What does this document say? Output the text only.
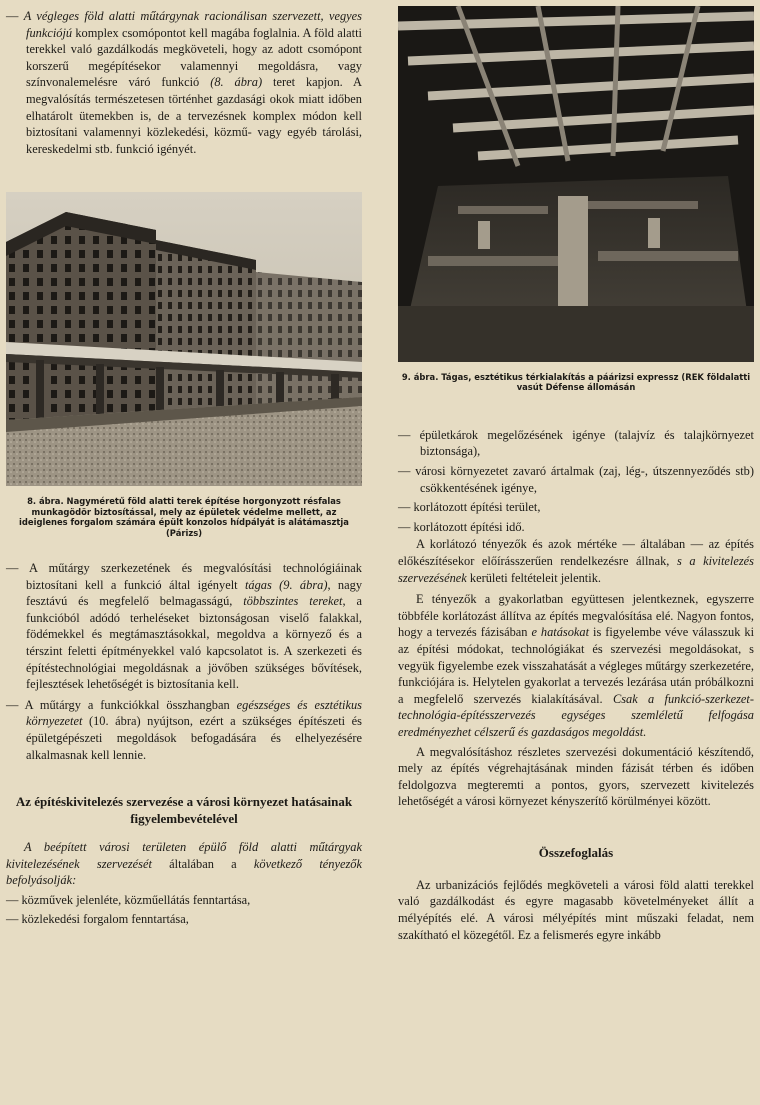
— A végleges föld alatti műtárgynak racionálisan szervezett, vegyes funkciójú komplex csomópontot kell magába foglalnia. A föld alatti terekkel való gazdálkodás megköveteli, hogy az adott csomópont korszerű megépítésekor valamennyi megoldásra, vagy színvonalemelésre váró funkció (8. ábra) teret kapjon. A megvalósítás természetesen történhet gazdasági okok miatt időben elhatárolt ütemekben is, de a tervezésnek komplex módon kell biztosítani valamennyi közlekedési, közmű- vagy egyéb tárolási, kereskedelmi stb. funkció igényét.

8. ábra. Nagyméretű föld alatti terek építése horgonyzott résfalas munkagödör biztosítással, mely az épületek védelme mellett, az ideiglenes forgalom számára épült konzolos hídpályát is alátámasztja (Párizs)

— A műtárgy szerkezetének és megvalósítási technológiáinak biztosítani kell a funkció által igényelt tágas (9. ábra), nagy fesztávú és megfelelő belmagasságú, többszintes tereket, a funkcióból adódó terheléseket biztonságosan viselő falakkal, födémekkel és megtámasztásokkal, megoldva a környező és a térszint feletti építményekkel való kapcsolatot is. A szerkezeti és építéstechnológiai megoldásnak a jövőben szükséges bővítések, fejlesztések lehetőségét is biztosítania kell.

— A műtárgy a funkciókkal összhangban egészséges és esztétikus környezetet (10. ábra) nyújtson, ezért a szükséges építészeti és épületgépészeti megoldások befogadására és elhelyezésére alkalmasnak kell lennie.

Az építéskivitelezés szervezése a városi környezet hatásainak figyelembevételével

A beépített városi területen épülő föld alatti műtárgyak kivitelezésének szervezését általában a következő tényezők befolyásolják:

— közművek jelenléte, közműellátás fenntartása,

— közlekedési forgalom fenntartása,

9. ábra. Tágas, esztétikus térkialakítás a páárizsi expressz (REK földalatti vasút Défense állomásán

— épületkárok megelőzésének igénye (talajvíz és talajkörnyezet biztonsága),

— városi környezetet zavaró ártalmak (zaj, lég-, útszennyeződés stb) csökkentésének igénye,

— korlátozott építési terület,

— korlátozott építési idő.

A korlátozó tényezők és azok mértéke — általában — az építés előkészítésekor előírásszerűen rendelkezésre állnak, s a kivitelezés szervezésének kerületi feltételeit jelentik.

E tényezők a gyakorlatban együttesen jelentkeznek, egyszerre többféle korlátozást állítva az építés megvalósítása elé. Nagyon fontos, hogy a tervezés fázisában e hatásokat is figyelembe véve válasszuk ki az építési módokat, technológiákat és szervezési megoldásokat, s vegyük figyelembe ezek visszahatását a végleges műtárgy szerkezetére, funkciójára is. Helytelen gyakorlat a tervezés lezárása után próbálkozni a megfelelő szervezés kialakításával. Csak a funkció-szerkezet-technológia-építésszervezés egységes szemléletű felfogása eredményezhet célszerű és gazdaságos megoldást.

A megvalósításhoz részletes szervezési dokumentáció készítendő, mely az építés végrehajtásának minden fázisát térben és időben feldolgozva megteremti a pontos, gyors, szervezett kivitelezés lehetőségét a városi környezet kényszerítő körülményei között.

Összefoglalás

Az urbanizációs fejlődés megköveteli a városi föld alatti terekkel való gazdálkodást és egyre magasabb követelményeket állít a mélyépítés elé. A városi mélyépítés mint műszaki feladat, nem szakítható el közegétől. Ez a felismerés egyre inkább
